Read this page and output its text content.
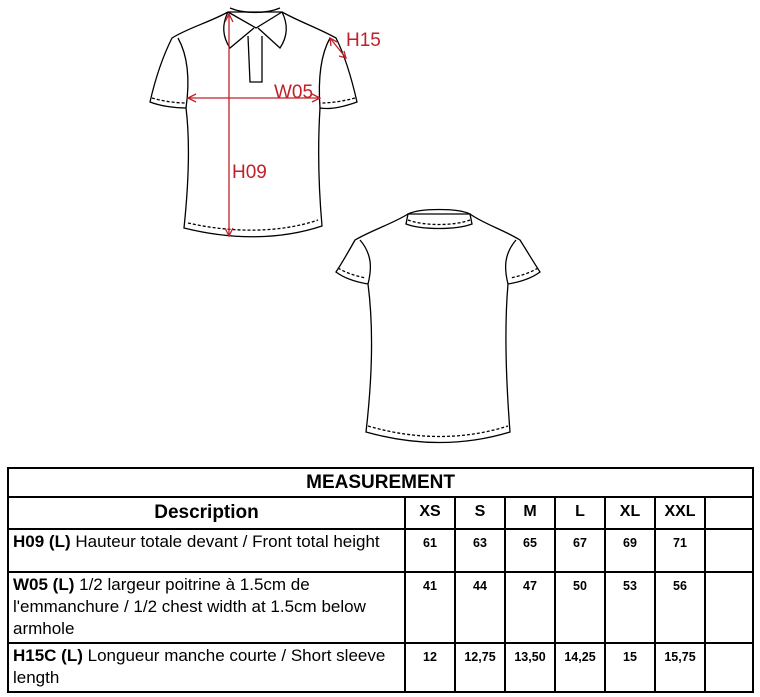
H15
W05
H09
MEASUREMENT							
Description	XS	S	M	L	XL	XXL	
H09 (L) Hauteur totale devant / Front total height	61	63	65	67	69	71	
W05 (L) 1/2 largeur poitrine à 1.5cm de l'emmanchure / 1/2 chest width at 1.5cm below armhole	41	44	47	50	53	56	
H15C (L) Longueur manche courte / Short sleeve length	12	12,75	13,50	14,25	15	15,75	
